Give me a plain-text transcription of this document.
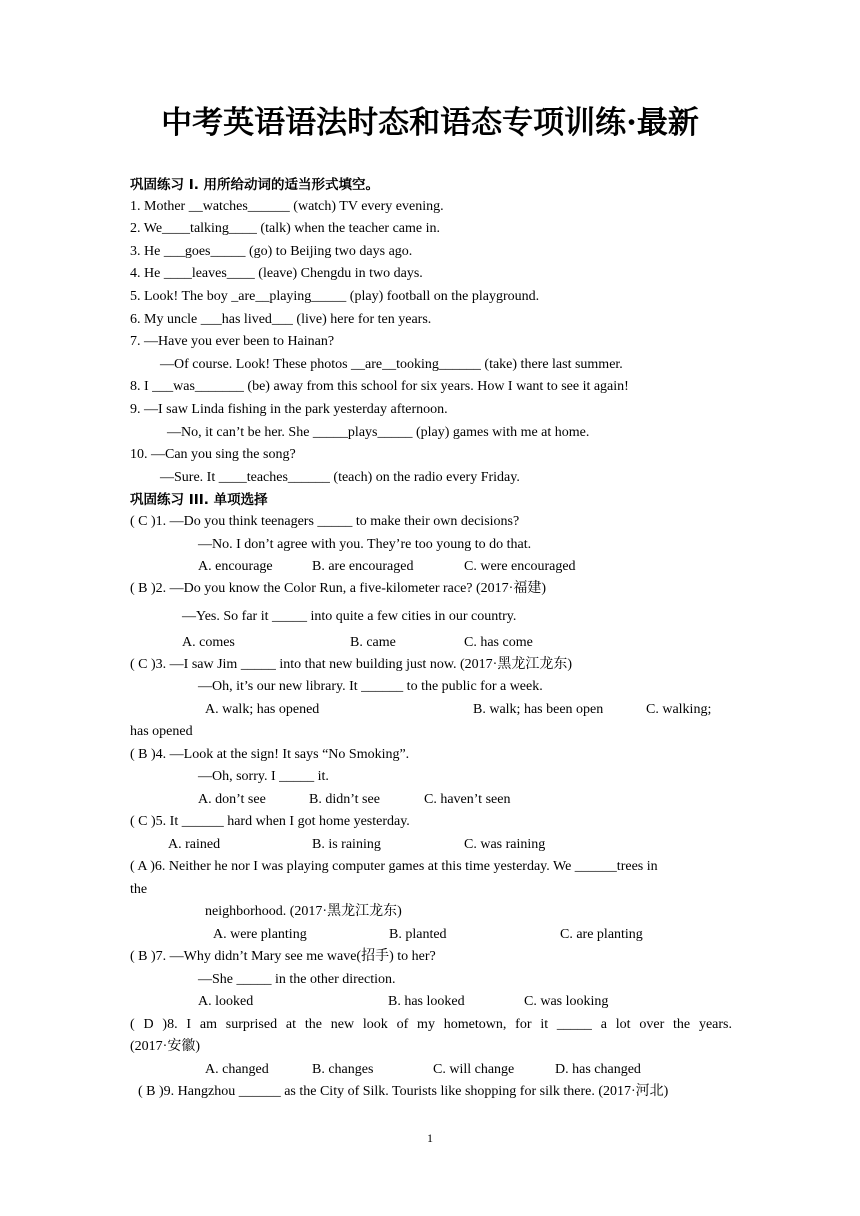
中考英语语法时态和语态专项训练·最新
巩固练习 I. 用所给动词的适当形式填空。
1. Mother __watches______ (watch) TV every evening.
2. We____talking____ (talk) when the teacher came in.
3. He ___goes_____ (go) to Beijing two days ago.
4. He ____leaves____ (leave) Chengdu in two days.
5. Look! The boy _are__playing_____ (play) football on the playground.
6. My uncle ___has lived___ (live) here for ten years.
7. —Have you ever been to Hainan?
—Of course. Look! These photos __are__tooking______ (take) there last summer.
8. I ___was_______ (be) away from this school for six years. How I want to see it again!
9. —I saw Linda fishing in the park yesterday afternoon.
—No, it can’t be her. She _____plays_____ (play) games with me at home.
10. —Can you sing the song?
—Sure. It ____teaches______ (teach) on the radio every Friday.
巩固练习 III. 单项选择
( C )1. —Do you think teenagers _____ to make their own decisions?
—No. I don’t agree with you. They’re too young to do that.
A. encourage	B. are encouraged	C. were encouraged
( B )2. —Do you know the Color Run, a five-kilometer race? (2017·福建)
—Yes. So far it _____ into quite a few cities in our country.
A. comes	B. came	C. has come
( C )3. —I saw Jim _____ into that new building just now. (2017·黑龙江龙东)
—Oh, it’s our new library. It ______ to the public for a week.
A. walk; has opened	B. walk; has been open	C. walking;
has opened
( B )4. —Look at the sign! It says “No Smoking”.
—Oh, sorry. I _____ it.
A. don’t see	B. didn’t see	C. haven’t seen
( C )5. It ______ hard when I got home yesterday.
A. rained	B. is raining	C. was raining
( A )6. Neither he nor I was playing computer games at this time yesterday. We ______trees in
the
neighborhood. (2017·黑龙江龙东)
A. were planting	B. planted	C. are planting
( B )7. —Why didn’t Mary see me wave(招手) to her?
—She _____ in the other direction.
A. looked	B. has looked	C. was looking
( D )8. I am surprised at the new look of my hometown, for it _____ a lot over the years.
(2017·安徽)
A. changed	B. changes	C. will change	D. has changed
( B )9. Hangzhou ______ as the City of Silk. Tourists like shopping for silk there. (2017·河北)
1
